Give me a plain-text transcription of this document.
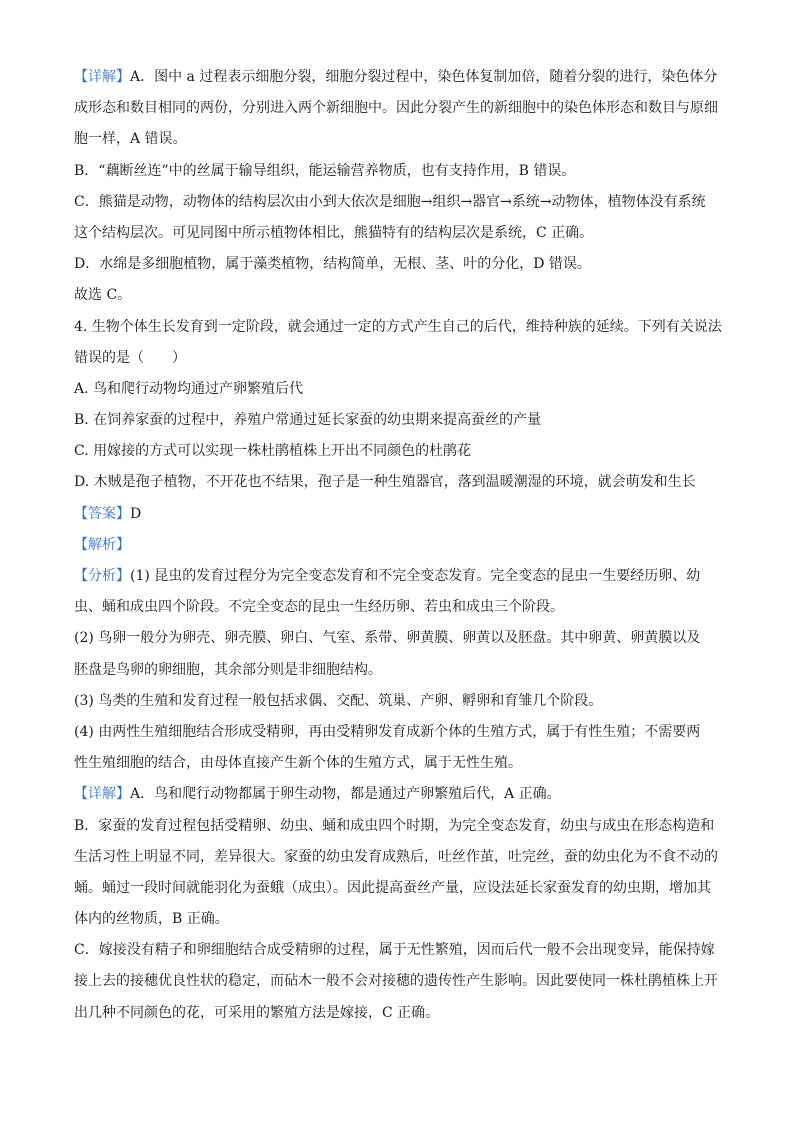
【详解】A．图中 a 过程表示细胞分裂，细胞分裂过程中，染色体复制加倍，随着分裂的进行，染色体分
成形态和数目相同的两份，分别进入两个新细胞中。因此分裂产生的新细胞中的染色体形态和数目与原细
胞一样，A 错误。
B．“藕断丝连”中的丝属于输导组织，能运输营养物质，也有支持作用，B 错误。
C．熊猫是动物，动物体的结构层次由小到大依次是细胞→组织→器官→系统→动物体，植物体没有系统
这个结构层次。可见同图中所示植物体相比，熊猫特有的结构层次是系统，C 正确。
D．水绵是多细胞植物，属于藻类植物，结构简单，无根、茎、叶的分化，D 错误。
故选 C。
4. 生物个体生长发育到一定阶段，就会通过一定的方式产生自己的后代，维持种族的延续。下列有关说法
错误的是（　　）
A. 鸟和爬行动物均通过产卵繁殖后代
B. 在饲养家蚕的过程中，养殖户常通过延长家蚕的幼虫期来提高蚕丝的产量
C. 用嫁接的方式可以实现一株杜鹃植株上开出不同颜色的杜鹃花
D. 木贼是孢子植物，不开花也不结果，孢子是一种生殖器官，落到温暖潮湿的环境，就会萌发和生长
【答案】D
【解析】
【分析】(1) 昆虫的发育过程分为完全变态发育和不完全变态发育。完全变态的昆虫一生要经历卵、幼
虫、蛹和成虫四个阶段。不完全变态的昆虫一生经历卵、若虫和成虫三个阶段。
(2) 鸟卵一般分为卵壳、卵壳膜、卵白、气室、系带、卵黄膜、卵黄以及胚盘。其中卵黄、卵黄膜以及
胚盘是鸟卵的卵细胞，其余部分则是非细胞结构。
(3) 鸟类的生殖和发育过程一般包括求偶、交配、筑巢、产卵、孵卵和育雏几个阶段。
(4) 由两性生殖细胞结合形成受精卵，再由受精卵发育成新个体的生殖方式，属于有性生殖；不需要两
性生殖细胞的结合，由母体直接产生新个体的生殖方式，属于无性生殖。
【详解】A．鸟和爬行动物都属于卵生动物，都是通过产卵繁殖后代，A 正确。
B．家蚕的发育过程包括受精卵、幼虫、蛹和成虫四个时期，为完全变态发育，幼虫与成虫在形态构造和
生活习性上明显不同，差异很大。家蚕的幼虫发育成熟后，吐丝作茧，吐完丝，蚕的幼虫化为不食不动的
蛹。蛹过一段时间就能羽化为蚕蛾（成虫）。因此提高蚕丝产量，应设法延长家蚕发育的幼虫期，增加其
体内的丝物质，B 正确。
C．嫁接没有精子和卵细胞结合成受精卵的过程，属于无性繁殖，因而后代一般不会出现变异，能保持嫁
接上去的接穗优良性状的稳定，而砧木一般不会对接穗的遗传性产生影响。因此要使同一株杜鹃植株上开
出几种不同颜色的花，可采用的繁殖方法是嫁接，C 正确。
